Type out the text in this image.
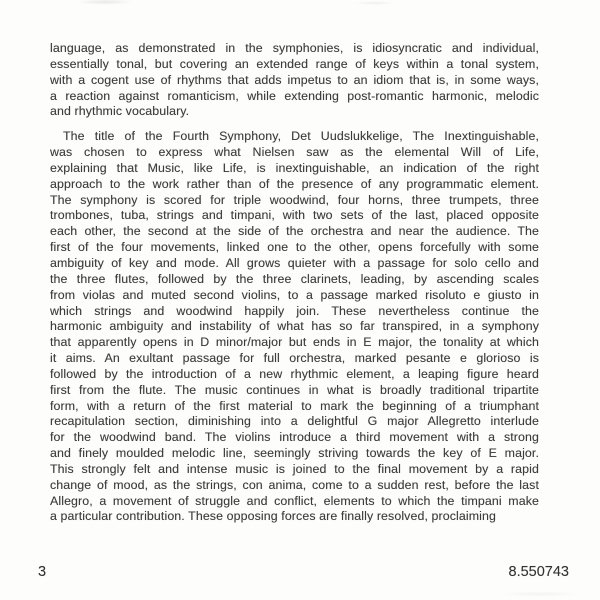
language, as demonstrated in the symphonies, is idiosyncratic and individual,
essentially tonal, but covering an extended range of keys within a tonal system,
with a cogent use of rhythms that adds impetus to an idiom that is, in some ways,
a reaction against romanticism, while extending post-romantic harmonic, melodic
and rhythmic vocabulary.
The title of the Fourth Symphony, Det Uudslukkelige, The Inextinguishable,
was chosen to express what Nielsen saw as the elemental Will of Life,
explaining that Music, like Life, is inextinguishable, an indication of the right
approach to the work rather than of the presence of any programmatic element.
The symphony is scored for triple woodwind, four horns, three trumpets, three
trombones, tuba, strings and timpani, with two sets of the last, placed opposite
each other, the second at the side of the orchestra and near the audience. The
first of the four movements, linked one to the other, opens forcefully with some
ambiguity of key and mode. All grows quieter with a passage for solo cello and
the three flutes, followed by the three clarinets, leading, by ascending scales
from violas and muted second violins, to a passage marked risoluto e giusto in
which strings and woodwind happily join. These nevertheless continue the
harmonic ambiguity and instability of what has so far transpired, in a symphony
that apparently opens in D minor/major but ends in E major, the tonality at which
it aims. An exultant passage for full orchestra, marked pesante e glorioso is
followed by the introduction of a new rhythmic element, a leaping figure heard
first from the flute. The music continues in what is broadly traditional tripartite
form, with a return of the first material to mark the beginning of a triumphant
recapitulation section, diminishing into a delightful G major Allegretto interlude
for the woodwind band. The violins introduce a third movement with a strong
and finely moulded melodic line, seemingly striving towards the key of E major.
This strongly felt and intense music is joined to the final movement by a rapid
change of mood, as the strings, con anima, come to a sudden rest, before the last
Allegro, a movement of struggle and conflict, elements to which the timpani make
a particular contribution. These opposing forces are finally resolved, proclaiming
3	8.550743
